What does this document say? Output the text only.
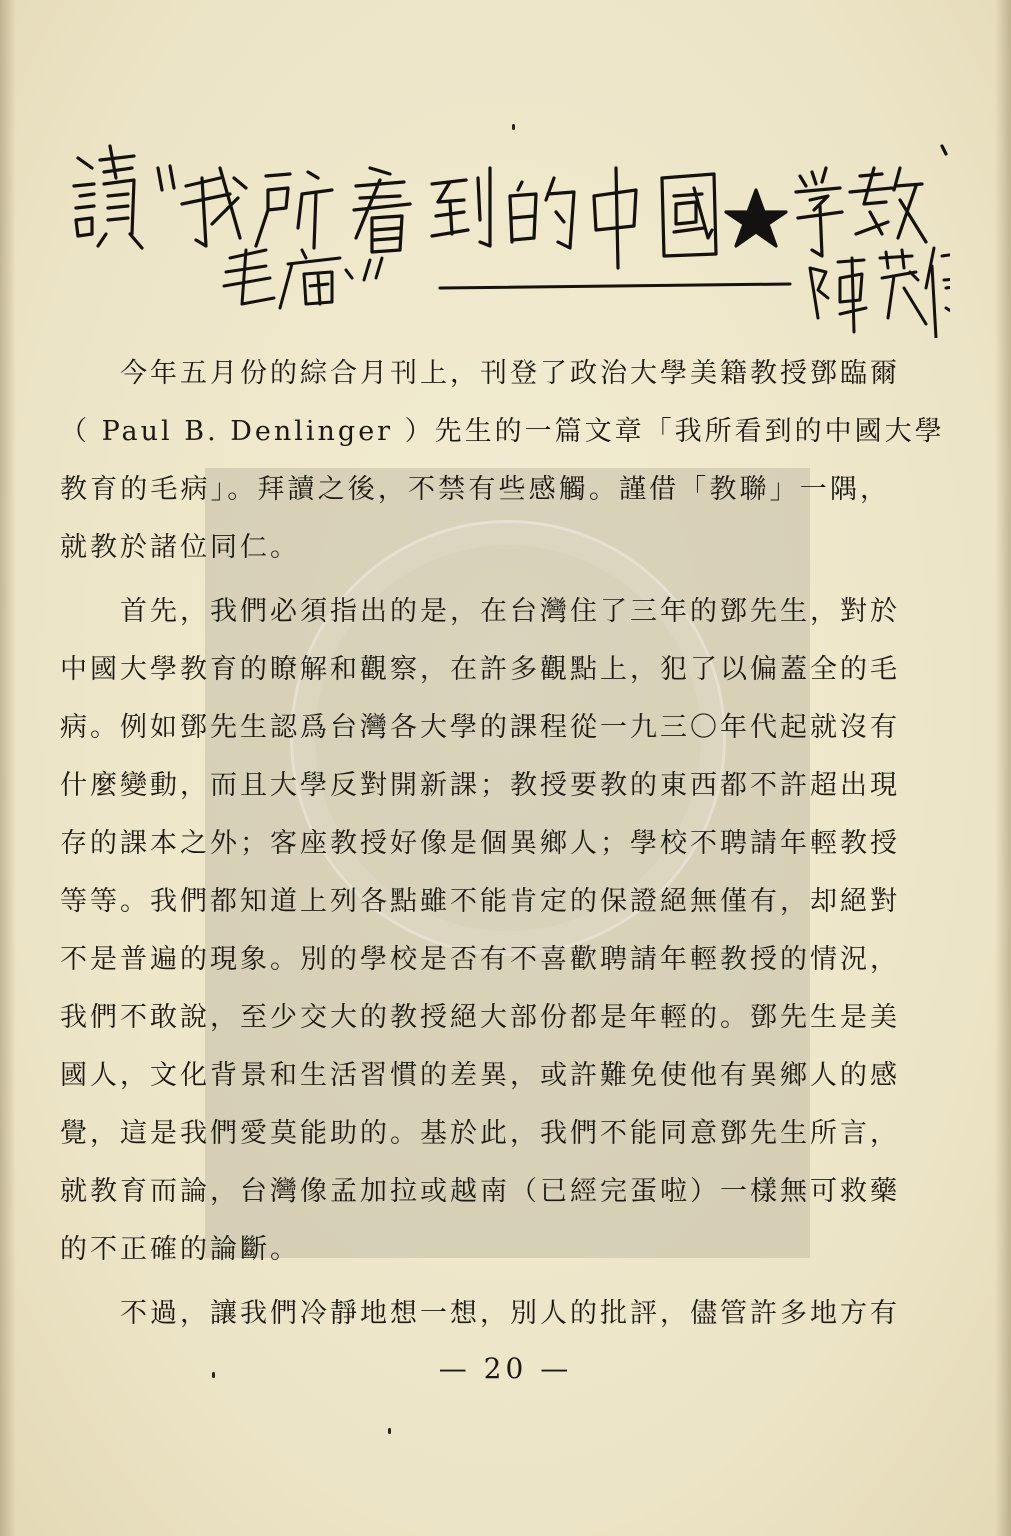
今年五月份的綜合月刊上，刊登了政治大學美籍教授鄧臨爾
（ Paul B. Denlinger ）先生的一篇文章「我所看到的中國大學
教育的毛病」。拜讀之後，不禁有些感觸。謹借「教聯」一隅，
就教於諸位同仁。
首先，我們必須指出的是，在台灣住了三年的鄧先生，對於
中國大學教育的瞭解和觀察，在許多觀點上，犯了以偏蓋全的毛
病。例如鄧先生認爲台灣各大學的課程從一九三〇年代起就沒有
什麼變動，而且大學反對開新課；教授要教的東西都不許超出現
存的課本之外；客座教授好像是個異鄉人；學校不聘請年輕教授
等等。我們都知道上列各點雖不能肯定的保證絕無僅有，却絕對
不是普遍的現象。別的學校是否有不喜歡聘請年輕教授的情況，
我們不敢說，至少交大的教授絕大部份都是年輕的。鄧先生是美
國人，文化背景和生活習慣的差異，或許難免使他有異鄉人的感
覺，這是我們愛莫能助的。基於此，我們不能同意鄧先生所言，
就教育而論，台灣像孟加拉或越南（已經完蛋啦）一樣無可救藥
的不正確的論斷。
不過，讓我們冷靜地想一想，別人的批評，儘管許多地方有
— 20 —
